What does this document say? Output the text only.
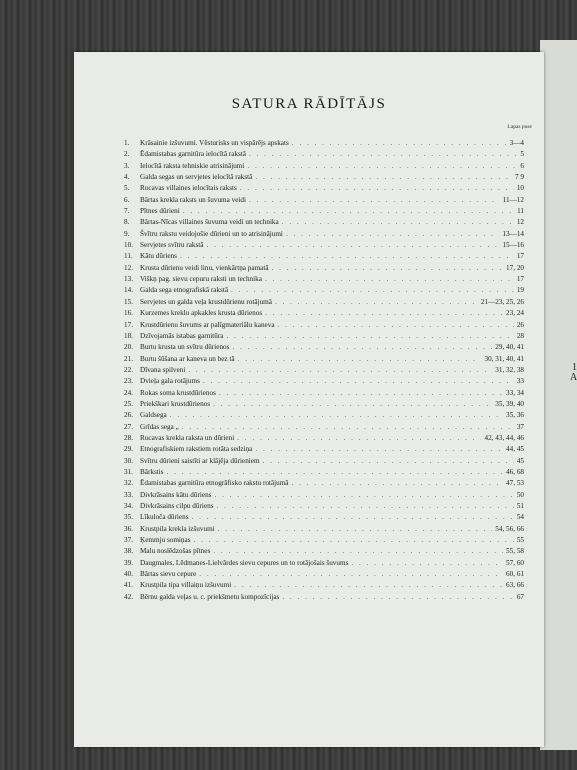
1
A
SATURA RĀDĪTĀJS
Lapas puse
1.	Krāsainie izšuvumi. Vēsturisks un vispārējs apskats . . .	3—4
2.	Ēdamistabas garnitūra ielocītā rakstā . . .	5
3.	Ielocītā raksta tehniskie atrisinājumi . . .	6
4.	Galda segas un servjetes ielocītā rakstā . . .	7 9
5.	Rucavas villaines ielocītais raksts . . .	10
6.	Bārtas krekla raksts un šuvuma veidi . . .	11—12
7.	Pītnes dūrieni . . .	11
8.	Bārtas-Nīcas villaines šuvuma veidi un technika . . .	12
9.	Švītru rakstu veidojošie dūrieni un to atrisinājumi . . .	13—14
10. Servjetes svītru rakstā . . .	15—16
11.	Kātu dūriens . . .	17
12. Krusta dūrienu veidi linu, vienkārtņa pamatā . . .	17, 20
13. Viškņ pag. sievu cepuru raksti un technika . . .	17
14. Galda sega etnografiskā rakstā . . .	19
15. Servjetes un galda veļa krustdūrienu rotājumā . . .	21—23, 25, 26
16. Kurzemes kreklu apkakles krusta dūrienos . . .	23, 24
17. Krustdūrienu šuvums ar palīgmateriālu kaneva . . .	26
18. Dzīvojamās istabas garnitūra . . .	28
20. Burtu krusta un svītru dūrienos . . .	29, 40, 41
21. Burtu šūšana ar kaneva un bez tā . . .	30, 31, 40, 41
22. Dīvana spilveni . . .	31, 32, 38
23. Dvieļa gala rotājums . . .	33
24. Rokas soma krustdūrienos . . .	33, 34
25. Priekškari krustdūrienos . . .	35, 39, 40
26. Galdsega . . .	35, 36
27. Grīdas sega „ . . .	37
28. Rucavas krekla raksta un dūrieni . . .	42, 43, 44, 46
29. Etnografiskiem rakstiem rotāta sedziņa . . .	44, 45
30. Svītru dūrieni saistīti ar klājēja dūrieniem . . .	45
31. Bārkstis . . .	46, 68
32. Ēdamistabas garnitūra etnogrāfisko rakstu rotājumā . . .	47, 53
33. Divkrāsains kātu dūriens . . .	50
34. Divkrāsains cilpu dūriens . . .	51
35. Līkuloča dūriens . . .	54
36. Krustpila krekla izšuvumi . . .	54, 56, 66
37. Ķemmju somiņas . . .	55
38. Malu noslēdzošas pītnes . . .	55, 58
39. Daugmales, Lēdmanes-Lielvārdes sievu cepures un to rotājošais šuvums . . .	57, 60
40. Bārtas sievu cepure . . .	60, 61
41. Krustpila tipa villaiņu izšuvumi . . .	63, 66
42. Bērnu galda veļas u. c. priekšmetu kompozīcijas . . .	67
